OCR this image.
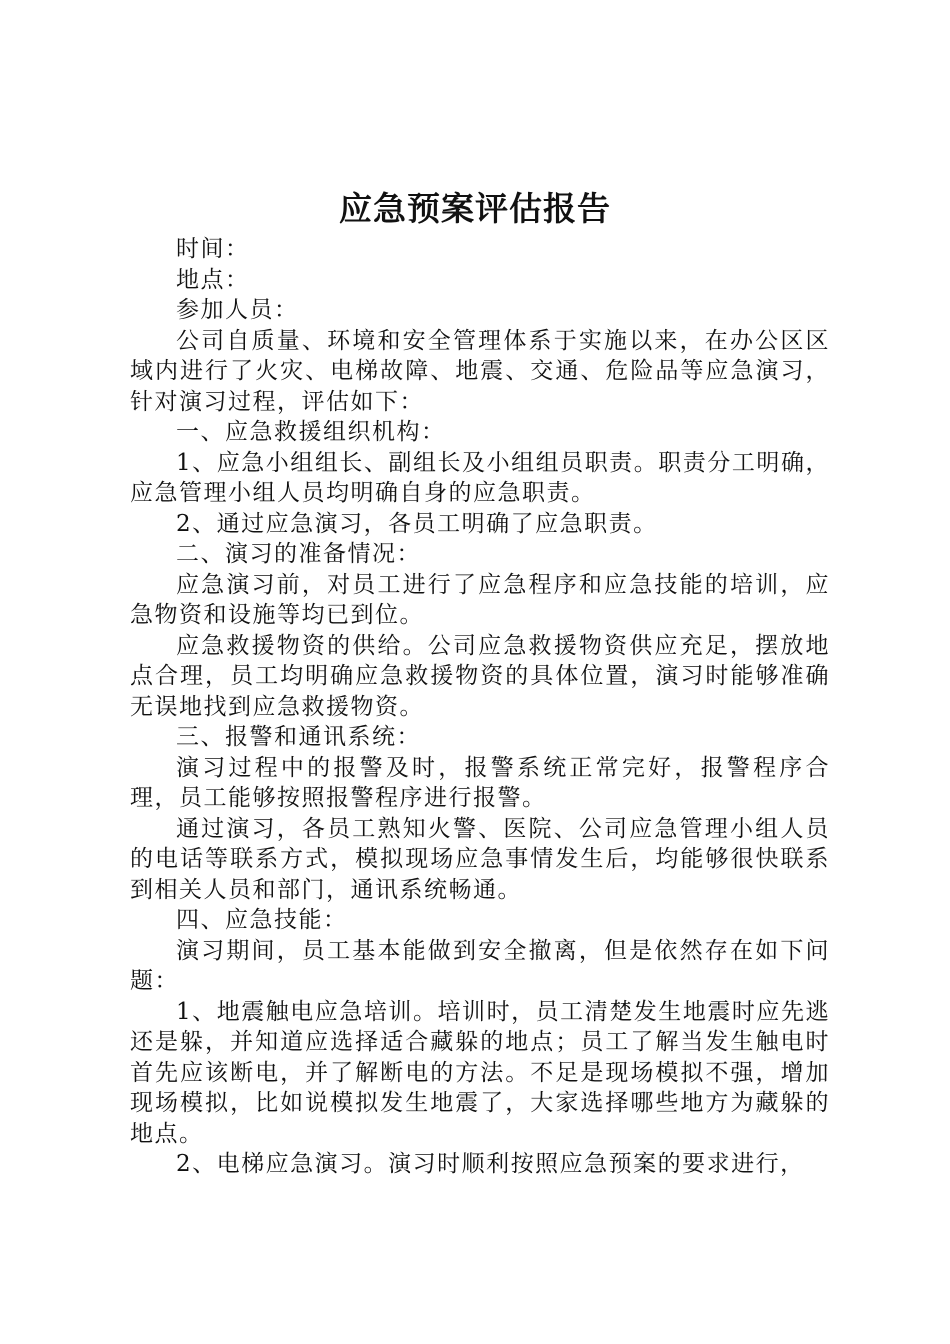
应急预案评估报告

时间：

地点：

参加人员：

公司自质量、环境和安全管理体系于实施以来，在办公区区域内进行了火灾、电梯故障、地震、交通、危险品等应急演习，针对演习过程，评估如下：

一、应急救援组织机构：

1、应急小组组长、副组长及小组组员职责。职责分工明确，应急管理小组人员均明确自身的应急职责。

2、通过应急演习，各员工明确了应急职责。

二、演习的准备情况：

应急演习前，对员工进行了应急程序和应急技能的培训，应急物资和设施等均已到位。

应急救援物资的供给。公司应急救援物资供应充足，摆放地点合理，员工均明确应急救援物资的具体位置，演习时能够准确无误地找到应急救援物资。

三、报警和通讯系统：

演习过程中的报警及时，报警系统正常完好，报警程序合理，员工能够按照报警程序进行报警。

通过演习，各员工熟知火警、医院、公司应急管理小组人员的电话等联系方式，模拟现场应急事情发生后，均能够很快联系到相关人员和部门，通讯系统畅通。

四、应急技能：

演习期间，员工基本能做到安全撤离，但是依然存在如下问题：

1、地震触电应急培训。培训时，员工清楚发生地震时应先逃还是躲，并知道应选择适合藏躲的地点；员工了解当发生触电时首先应该断电，并了解断电的方法。不足是现场模拟不强，增加现场模拟，比如说模拟发生地震了，大家选择哪些地方为藏躲的地点。

2、电梯应急演习。演习时顺利按照应急预案的要求进行，
